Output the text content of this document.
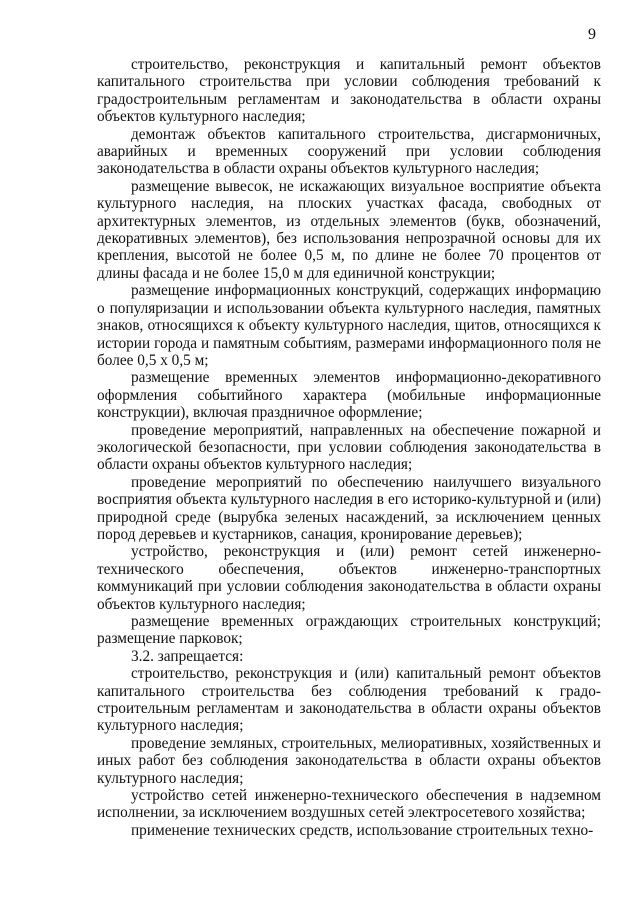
9

строительство, реконструкция и капитальный ремонт объектов капитального строительства при условии соблюдения требований к градостроительным регламентам и законодательства в области охраны объектов культурного наследия;

демонтаж объектов капитального строительства, дисгармоничных, аварийных и временных сооружений при условии соблюдения законодательства в области охраны объектов культурного наследия;

размещение вывесок, не искажающих визуальное восприятие объекта культурного наследия, на плоских участках фасада, свободных от архитектурных элементов, из отдельных элементов (букв, обозначений, декоративных элементов), без использования непрозрачной основы для их крепления, высотой не более 0,5 м, по длине не более 70 процентов от длины фасада и не более 15,0 м для единичной конструкции;

размещение информационных конструкций, содержащих информацию о популяризации и использовании объекта культурного наследия, памятных знаков, относящихся к объекту культурного наследия, щитов, относящихся к истории города и памятным событиям, размерами информационного поля не более 0,5 х 0,5 м;

размещение временных элементов информационно-декоративного оформления событийного характера (мобильные информационные конструкции), включая праздничное оформление;

проведение мероприятий, направленных на обеспечение пожарной и экологической безопасности, при условии соблюдения законодательства в области охраны объектов культурного наследия;

проведение мероприятий по обеспечению наилучшего визуального восприятия объекта культурного наследия в его историко-культурной и (или) природной среде (вырубка зеленых насаждений, за исключением ценных пород деревьев и кустарников, санация, кронирование деревьев);

устройство, реконструкция и (или) ремонт сетей инженерно-технического обеспечения, объектов инженерно-транспортных коммуникаций при условии соблюдения законодательства в области охраны объектов культурного наследия;

размещение временных ограждающих строительных конструкций; размещение парковок;

3.2. запрещается:

строительство, реконструкция и (или) капитальный ремонт объектов капитального строительства без соблюдения требований к градостроительным регламентам и законодательства в области охраны объектов культурного наследия;

проведение земляных, строительных, мелиоративных, хозяйственных и иных работ без соблюдения законодательства в области охраны объектов культурного наследия;

устройство сетей инженерно-технического обеспечения в надземном исполнении, за исключением воздушных сетей электросетевого хозяйства;

применение технических средств, использование строительных техно-
